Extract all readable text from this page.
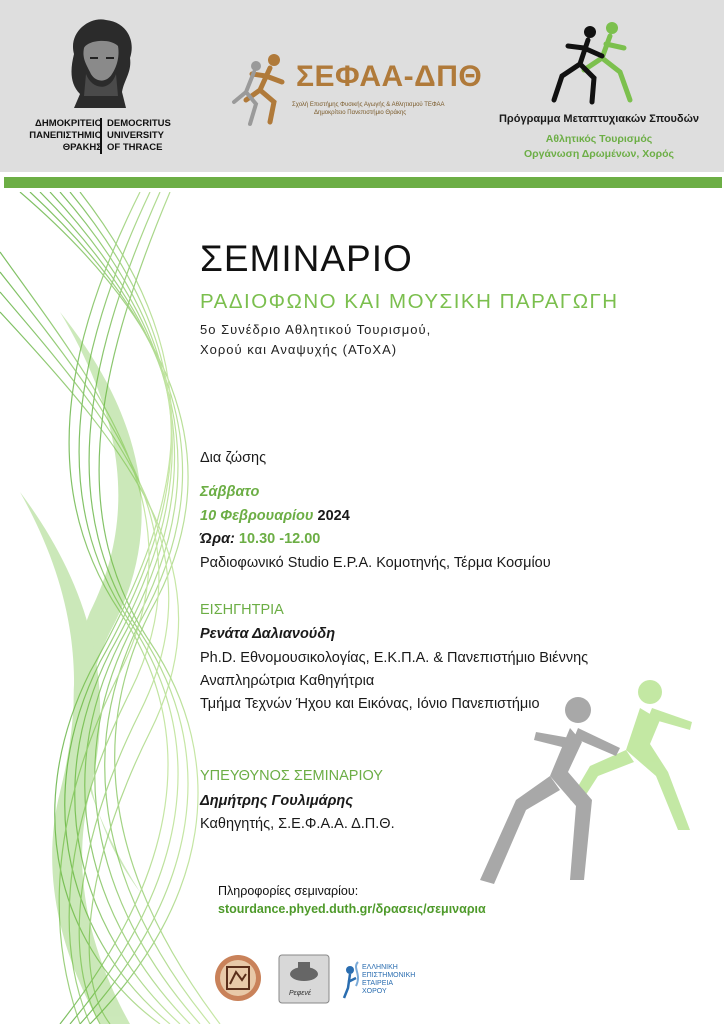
ΔΗΜΟΚΡΙΤΕΙΟ
ΠΑΝΕΠΙΣΤΗΜΙΟ
ΘΡΑΚΗΣ
DEMOCRITUS
UNIVERSITY
OF THRACE
ΣΕΦΑΑ-ΔΠΘ
Σχολή Επιστήμης Φυσικής Αγωγής & Αθλητισμού ΤΕΦΑΑ
Δημοκρίτειο Πανεπιστήμιο Θράκης	Πρόγραμμα Μεταπτυχιακών Σπουδών
Αθλητικός Τουρισμός
Οργάνωση Δρωμένων, Χορός
ΣΕΜΙΝΑΡΙΟ
ΡΑΔΙΟΦΩΝΟ ΚΑΙ ΜΟΥΣΙΚΗ ΠΑΡΑΓΩΓΗ
5ο Συνέδριο Αθλητικού Τουρισμού,
Χορού και Αναψυχής (ΑΤοΧΑ)
Δια ζώσης
Σάββατο
10 Φεβρουαρίου 2024
Ώρα: 10.30 -12.00
Ραδιοφωνικό Studio Ε.Ρ.Α. Κομοτηνής, Τέρμα Κοσμίου
ΕΙΣΗΓΗΤΡΙΑ
Ρενάτα Δαλιανούδη
Ph.D. Εθνομουσικολογίας, Ε.Κ.Π.Α. & Πανεπιστήμιο Βιέννης
Αναπληρώτρια Καθηγήτρια
Τμήμα Τεχνών Ήχου και Εικόνας, Ιόνιο Πανεπιστήμιο
ΥΠΕΥΘΥΝΟΣ ΣΕΜΙΝΑΡΙΟΥ
Δημήτρης Γουλιμάρης
Καθηγητής, Σ.Ε.Φ.Α.Α. Δ.Π.Θ.
Πληροφορίες σεμιναρίου:
stourdance.phyed.duth.gr/δρασεις/σεμιναρια
Ρεφενέ
ΕΛΛΗΝΙΚΗ
ΕΠΙΣΤΗΜΟΝΙΚΗ
ΕΤΑΙΡΕΙΑ
ΧΟΡΟΥ
